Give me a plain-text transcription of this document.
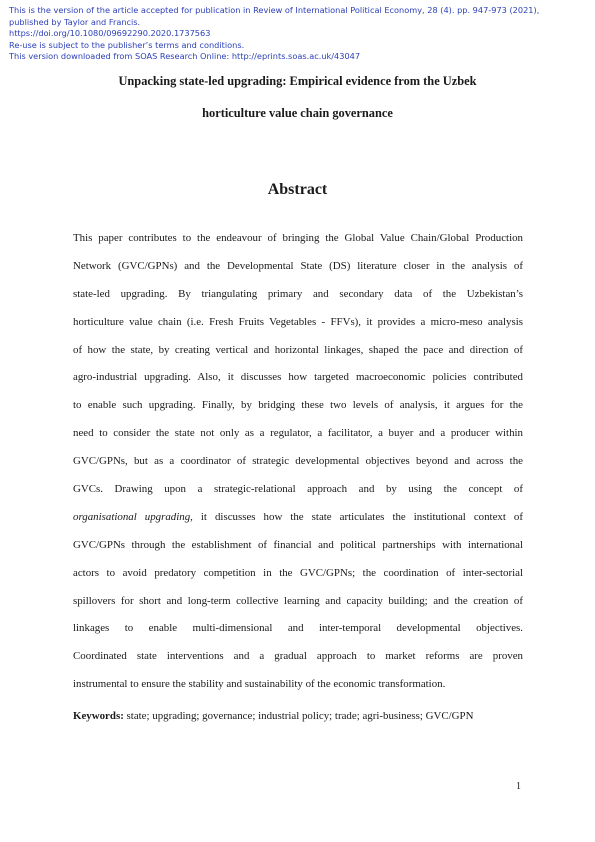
This is the version of the article accepted for publication in Review of International Political Economy, 28 (4). pp. 947-973 (2021),
published by Taylor and Francis.
https://doi.org/10.1080/09692290.2020.1737563
Re-use is subject to the publisher’s terms and conditions.
This version downloaded from SOAS Research Online: http://eprints.soas.ac.uk/43047
Unpacking state-led upgrading: Empirical evidence from the Uzbek
horticulture value chain governance
Abstract
This paper contributes to the endeavour of bringing the Global Value Chain/Global Production
Network (GVC/GPNs) and the Developmental State (DS) literature closer in the analysis of
state-led upgrading. By triangulating primary and secondary data of the Uzbekistan’s
horticulture value chain (i.e. Fresh Fruits Vegetables - FFVs), it provides a micro-meso analysis
of how the state, by creating vertical and horizontal linkages, shaped the pace and direction of
agro-industrial upgrading. Also, it discusses how targeted macroeconomic policies contributed
to enable such upgrading. Finally, by bridging these two levels of analysis, it argues for the
need to consider the state not only as a regulator, a facilitator, a buyer and a producer within
GVC/GPNs, but as a coordinator of strategic developmental objectives beyond and across the
GVCs. Drawing upon a strategic-relational approach and by using the concept of
organisational upgrading, it discusses how the state articulates the institutional context of
GVC/GPNs through the establishment of financial and political partnerships with international
actors to avoid predatory competition in the GVC/GPNs; the coordination of inter-sectorial
spillovers for short and long-term collective learning and capacity building; and the creation of
linkages to enable multi-dimensional and inter-temporal developmental objectives.
Coordinated state interventions and a gradual approach to market reforms are proven
instrumental to ensure the stability and sustainability of the economic transformation.
Keywords: state; upgrading; governance; industrial policy; trade; agri-business; GVC/GPN
1
